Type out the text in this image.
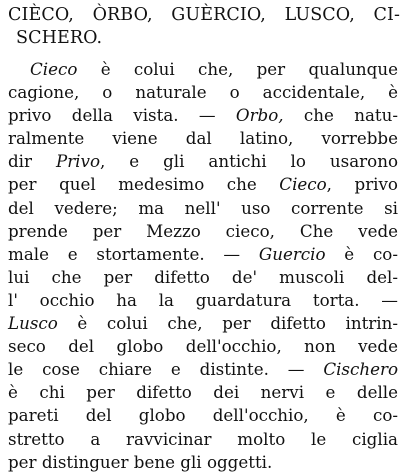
CIÈCO, ÒRBO, GUÈRCIO, LUSCO, CI-
SCHERO.
Cieco è colui che, per qualunque
cagione, o naturale o accidentale, è
privo della vista. — Orbo, che natu-
ralmente viene dal latino, vorrebbe
dir Privo, e gli antichi lo usarono
per quel medesimo che Cieco, privo
del vedere; ma nell' uso corrente si
prende per Mezzo cieco, Che vede
male e stortamente. — Guercio è co-
lui che per difetto de' muscoli del-
l' occhio ha la guardatura torta. —
Lusco è colui che, per difetto intrin-
seco del globo dell'occhio, non vede
le cose chiare e distinte. — Cischero
è chi per difetto dei nervi e delle
pareti del globo dell'occhio, è co-
stretto a ravvicinar molto le ciglia
per distinguer bene gli oggetti.
